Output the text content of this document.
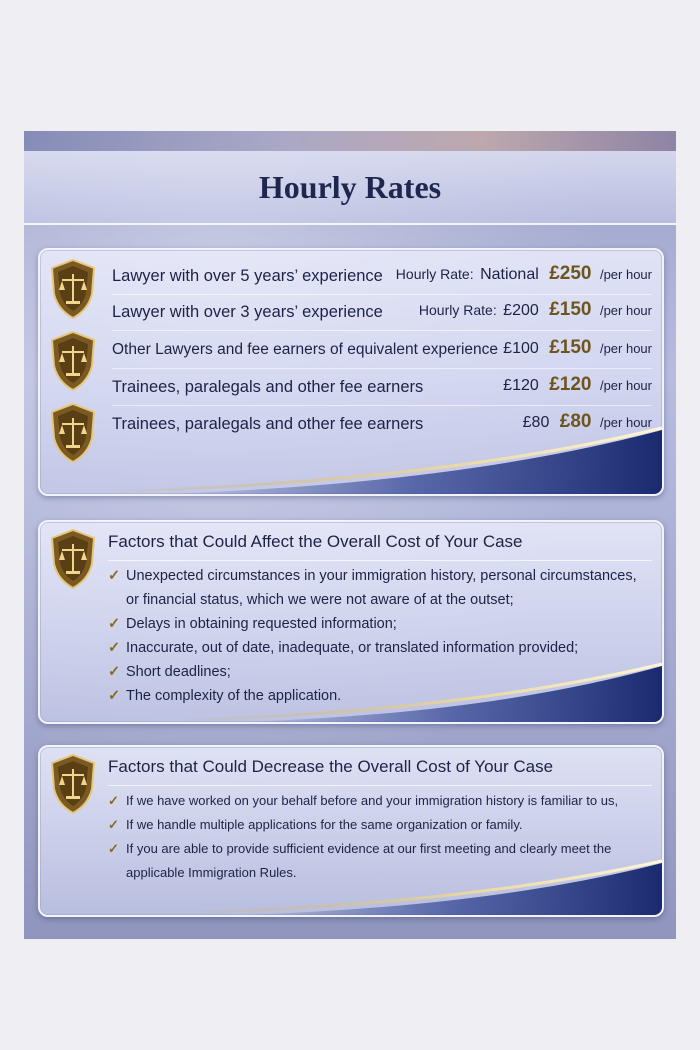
Hourly Rates
Lawyer with over 5 years’ experience Hourly Rate: National £250 /per hour
Lawyer with over 3 years’ experience	Hourly Rate: £200 £150 /per hour
Other Lawyers and fee earners of equivalent experience £100 £150 /per hour
Trainees, paralegals and other fee earners	£120 £120 /per hour
Trainees, paralegals and other fee earners	£80 £80 /per hour
Factors that Could Affect the Overall Cost of Your Case
✓ Unexpected circumstances in your immigration history, personal circumstances,
or financial status, which we were not aware of at the outset;
✓ Delays in obtaining requested information;
✓ Inaccurate, out of date, inadequate, or translated information provided;
✓ Short deadlines;
✓ The complexity of the application.
Factors that Could Decrease the Overall Cost of Your Case
✓ If we have worked on your behalf before and your immigration history is familiar to us,
✓ If we handle multiple applications for the same organization or family.
✓ If you are able to provide sufficient evidence at our first meeting and clearly meet the
applicable Immigration Rules.
